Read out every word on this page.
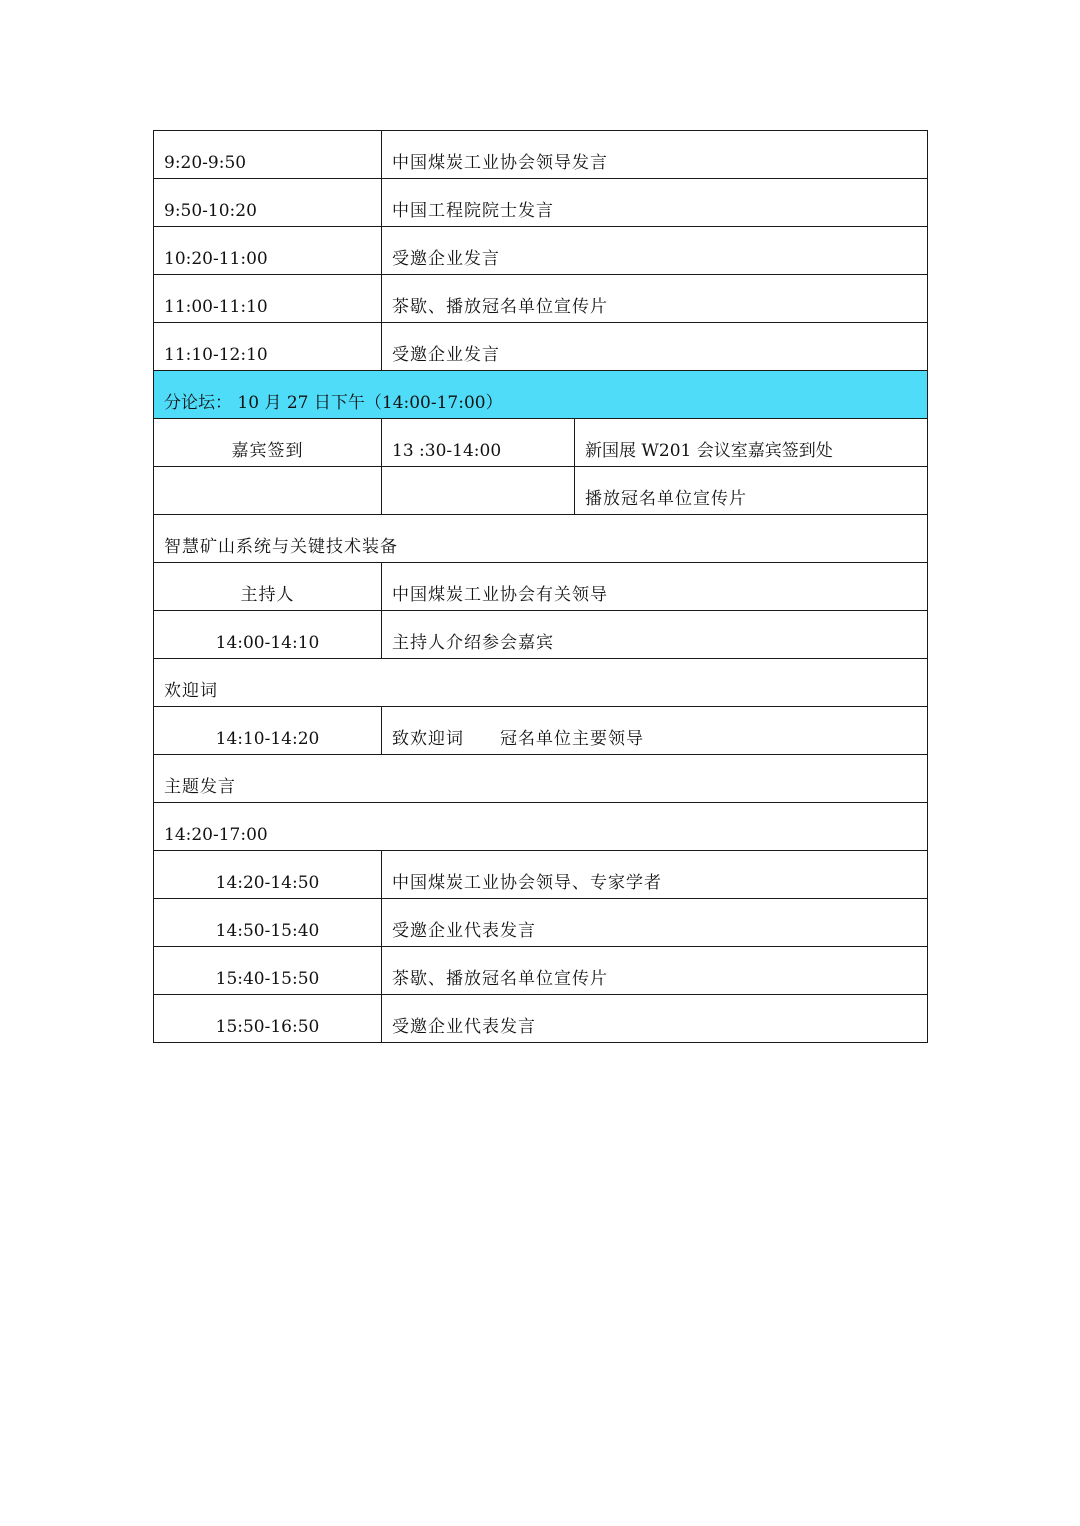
9:20-9:50	中国煤炭工业协会领导发言	
9:50-10:20	中国工程院院士发言	
10:20-11:00	受邀企业发言	
11:00-11:10	茶歇、播放冠名单位宣传片	
11:10-12:10	受邀企业发言	
分论坛： 10 月 27 日下午（14:00-17:00）		
嘉宾签到	13 :30-14:00	新国展 W201 会议室嘉宾签到处
		播放冠名单位宣传片
智慧矿山系统与关键技术装备		
主持人	中国煤炭工业协会有关领导	
14:00-14:10	主持人介绍参会嘉宾	
欢迎词		
14:10-14:20	致欢迎词　　冠名单位主要领导	
主题发言		
14:20-17:00		
14:20-14:50	中国煤炭工业协会领导、专家学者	
14:50-15:40	受邀企业代表发言	
15:40-15:50	茶歇、播放冠名单位宣传片	
15:50-16:50	受邀企业代表发言	
